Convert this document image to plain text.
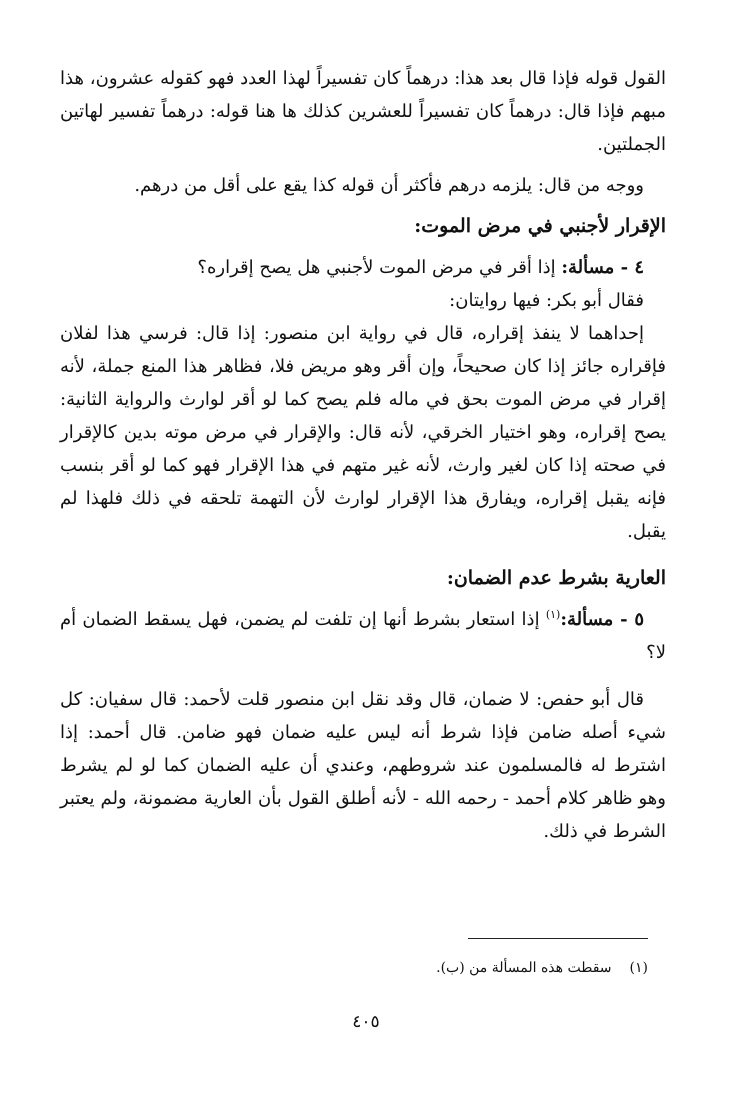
القول قوله فإذا قال بعد هذا: درهماً كان تفسيراً لهذا العدد فهو كقوله عشرون، هذا مبهم فإذا قال: درهماً كان تفسيراً للعشرين كذلك ها هنا قوله: درهماً تفسير لهاتين الجملتين.

ووجه من قال: يلزمه درهم فأكثر أن قوله كذا يقع على أقل من درهم.

الإقرار لأجنبي في مرض الموت:

٤ - مسألة: إذا أقر في مرض الموت لأجنبي هل يصح إقراره؟

فقال أبو بكر: فيها روايتان:

إحداهما لا ينفذ إقراره، قال في رواية ابن منصور: إذا قال: فرسي هذا لفلان فإقراره جائز إذا كان صحيحاً، وإن أقر وهو مريض فلا، فظاهر هذا المنع جملة، لأنه إقرار في مرض الموت بحق في ماله فلم يصح كما لو أقر لوارث والرواية الثانية: يصح إقراره، وهو اختيار الخرقي، لأنه قال: والإقرار في مرض موته بدين كالإقرار في صحته إذا كان لغير وارث، لأنه غير متهم في هذا الإقرار فهو كما لو أقر بنسب فإنه يقبل إقراره، ويفارق هذا الإقرار لوارث لأن التهمة تلحقه في ذلك فلهذا لم يقبل.

العارية بشرط عدم الضمان:

٥ - مسألة:$^{(١)}$ إذا استعار بشرط أنها إن تلفت لم يضمن، فهل يسقط الضمان أم لا؟

قال أبو حفص: لا ضمان، قال وقد نقل ابن منصور قلت لأحمد: قال سفيان: كل شيء أصله ضامن فإذا شرط أنه ليس عليه ضمان فهو ضامن. قال أحمد: إذا اشترط له فالمسلمون عند شروطهم، وعندي أن عليه الضمان كما لو لم يشرط وهو ظاهر كلام أحمد - رحمه الله - لأنه أطلق القول بأن العارية مضمونة، ولم يعتبر الشرط في ذلك.

(١)سقطت هذه المسألة من (ب).

٤٠٥
